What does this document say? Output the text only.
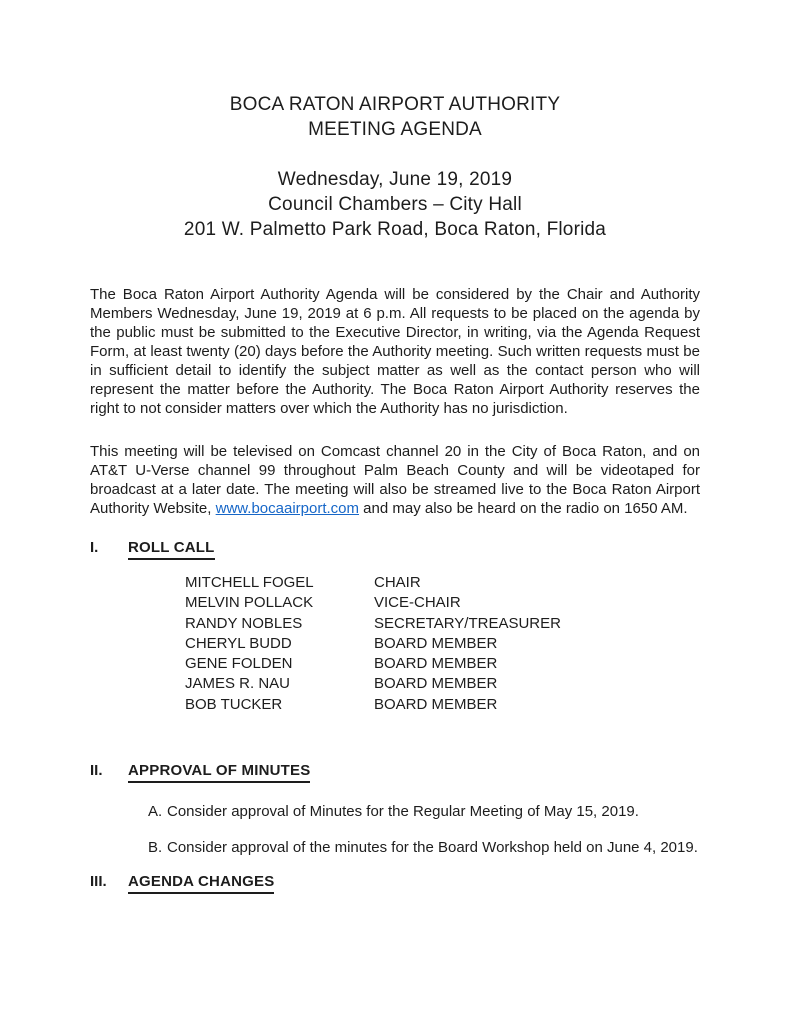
BOCA RATON AIRPORT AUTHORITY
MEETING AGENDA
Wednesday, June 19, 2019
Council Chambers – City Hall
201 W. Palmetto Park Road, Boca Raton, Florida

The Boca Raton Airport Authority Agenda will be considered by the Chair and Authority Members Wednesday, June 19, 2019 at 6 p.m. All requests to be placed on the agenda by the public must be submitted to the Executive Director, in writing, via the Agenda Request Form, at least twenty (20) days before the Authority meeting. Such written requests must be in sufficient detail to identify the subject matter as well as the contact person who will represent the matter before the Authority. The Boca Raton Airport Authority reserves the right to not consider matters over which the Authority has no jurisdiction.

This meeting will be televised on Comcast channel 20 in the City of Boca Raton, and on AT&T U-Verse channel 99 throughout Palm Beach County and will be videotaped for broadcast at a later date. The meeting will also be streamed live to the Boca Raton Airport Authority Website, www.bocaairport.com and may also be heard on the radio on 1650 AM.

I.	ROLL CALL
MITCHELL FOGEL	CHAIR
MELVIN POLLACK	VICE-CHAIR
RANDY NOBLES	SECRETARY/TREASURER
CHERYL BUDD	BOARD MEMBER
GENE FOLDEN	BOARD MEMBER
JAMES R. NAU	BOARD MEMBER
BOB TUCKER	BOARD MEMBER
II.	APPROVAL OF MINUTES
A. Consider approval of Minutes for the Regular Meeting of May 15, 2019.
B. Consider approval of the minutes for the Board Workshop held on June 4, 2019.
III.	AGENDA CHANGES
